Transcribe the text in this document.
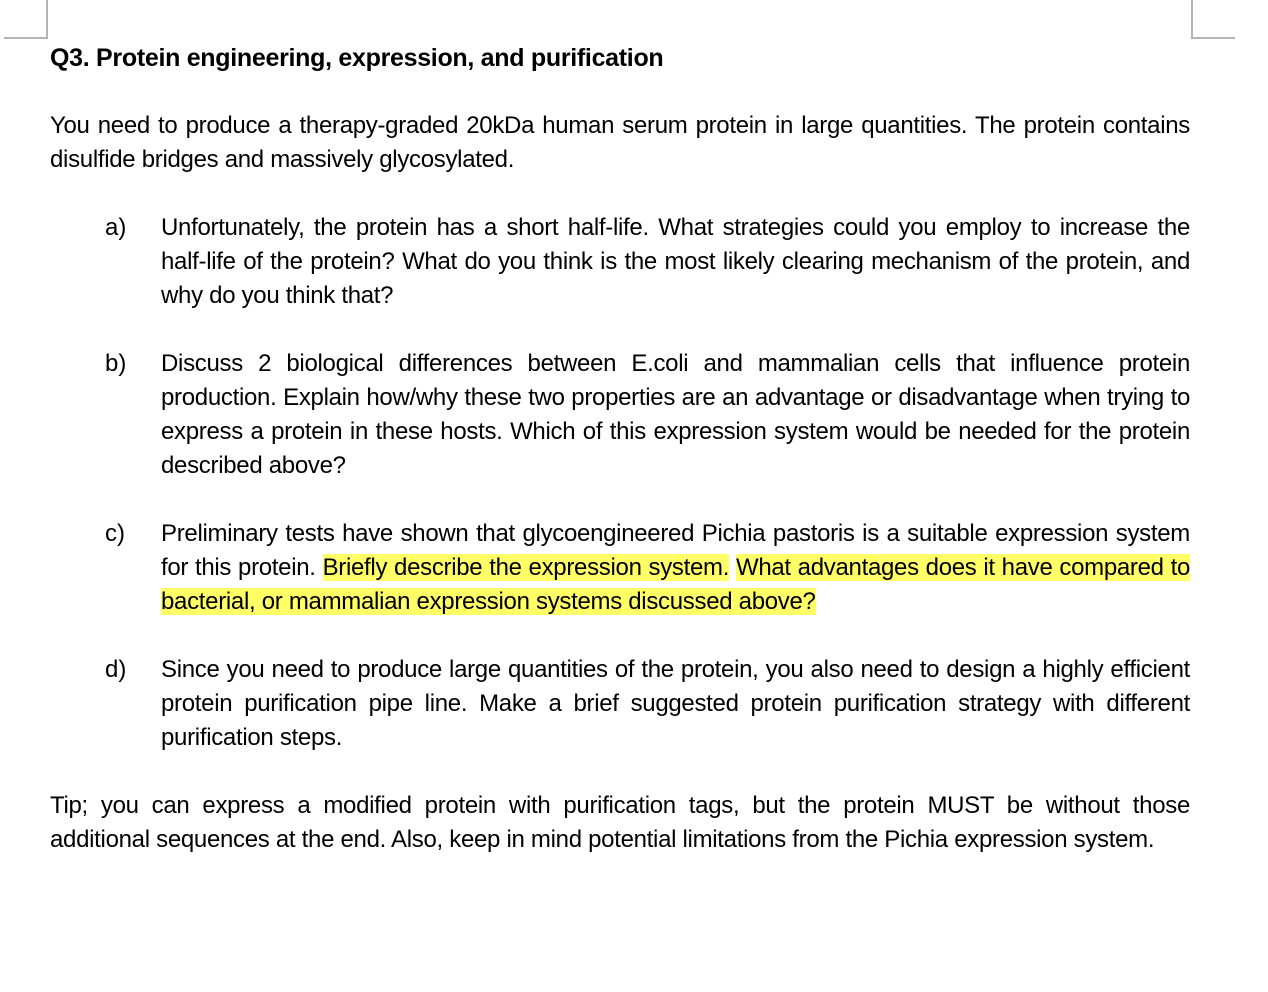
Q3. Protein engineering, expression, and purification
You need to produce a therapy-graded 20kDa human serum protein in large quantities. The protein contains disulfide bridges and massively glycosylated.
a) Unfortunately, the protein has a short half-life. What strategies could you employ to increase the half-life of the protein? What do you think is the most likely clearing mechanism of the protein, and why do you think that?
b) Discuss 2 biological differences between E.coli and mammalian cells that influence protein production. Explain how/why these two properties are an advantage or disadvantage when trying to express a protein in these hosts. Which of this expression system would be needed for the protein described above?
c) Preliminary tests have shown that glycoengineered Pichia pastoris is a suitable expression system for this protein. Briefly describe the expression system. What advantages does it have compared to bacterial, or mammalian expression systems discussed above?
d) Since you need to produce large quantities of the protein, you also need to design a highly efficient protein purification pipe line. Make a brief suggested protein purification strategy with different purification steps.
Tip; you can express a modified protein with purification tags, but the protein MUST be without those additional sequences at the end. Also, keep in mind potential limitations from the Pichia expression system.
